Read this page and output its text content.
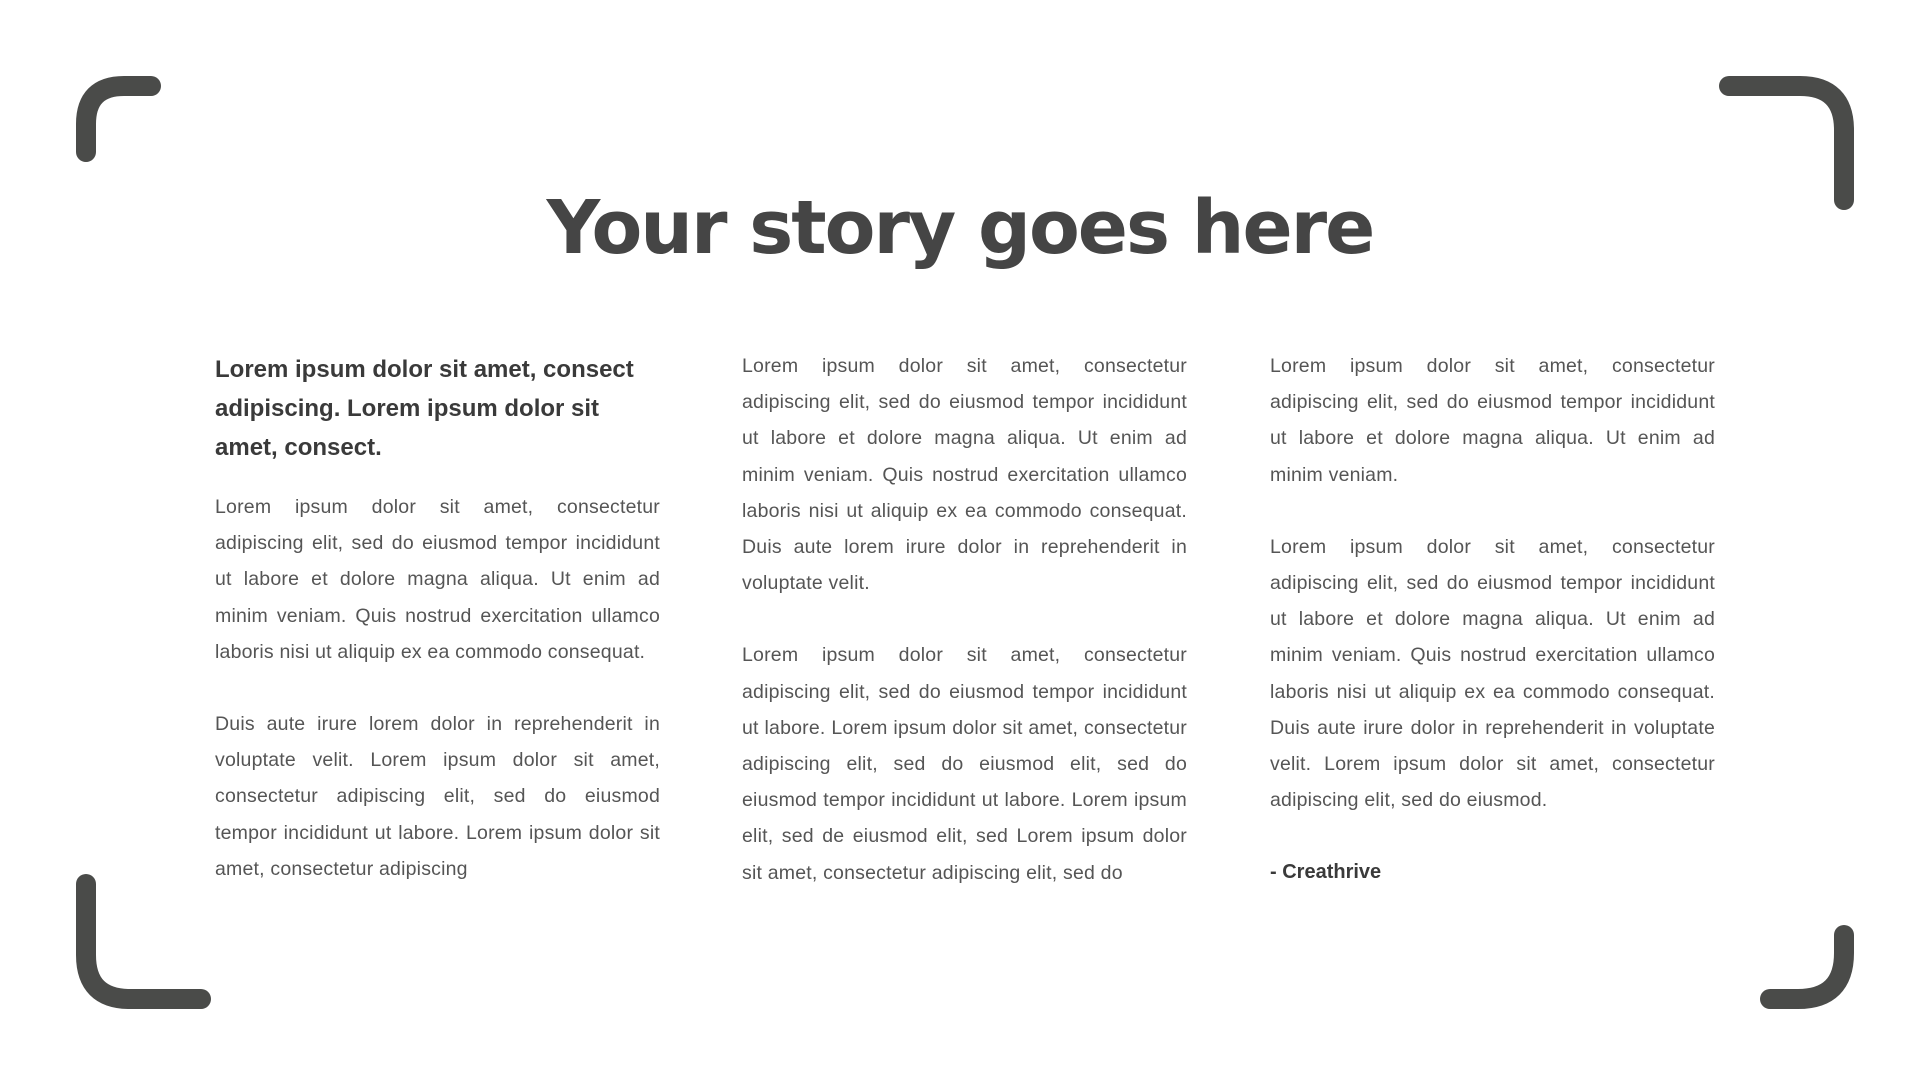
Your story goes here

Lorem ipsum dolor sit amet, consect adipiscing. Lorem ipsum dolor sit amet, consect.

Lorem ipsum dolor sit amet, consectetur adipiscing elit, sed do eiusmod tempor incididunt ut labore et dolore magna aliqua. Ut enim ad minim veniam. Quis nostrud exercitation ullamco laboris nisi ut aliquip ex ea commodo consequat.

Duis aute irure lorem dolor in reprehenderit in voluptate velit. Lorem ipsum dolor sit amet, consectetur adipiscing elit, sed do eiusmod tempor incididunt ut labore. Lorem ipsum dolor sit amet, consectetur adipiscing

Lorem ipsum dolor sit amet, consectetur adipiscing elit, sed do eiusmod tempor incididunt ut labore et dolore magna aliqua. Ut enim ad minim veniam. Quis nostrud exercitation ullamco laboris nisi ut aliquip ex ea commodo consequat. Duis aute lorem irure dolor in reprehenderit in voluptate velit.

Lorem ipsum dolor sit amet, consectetur adipiscing elit, sed do eiusmod tempor incididunt ut labore. Lorem ipsum dolor sit amet, consectetur adipiscing elit, sed do eiusmod elit, sed do eiusmod tempor incididunt ut labore. Lorem ipsum elit, sed de eiusmod elit, sed Lorem ipsum dolor sit amet, consectetur adipiscing elit, sed do

Lorem ipsum dolor sit amet, consectetur adipiscing elit, sed do eiusmod tempor incididunt ut labore et dolore magna aliqua. Ut enim ad minim veniam.

Lorem ipsum dolor sit amet, consectetur adipiscing elit, sed do eiusmod tempor incididunt ut labore et dolore magna aliqua. Ut enim ad minim veniam. Quis nostrud exercitation ullamco laboris nisi ut aliquip ex ea commodo consequat. Duis aute irure dolor in reprehenderit in voluptate velit. Lorem ipsum dolor sit amet, consectetur adipiscing elit, sed do eiusmod.

- Creathrive
